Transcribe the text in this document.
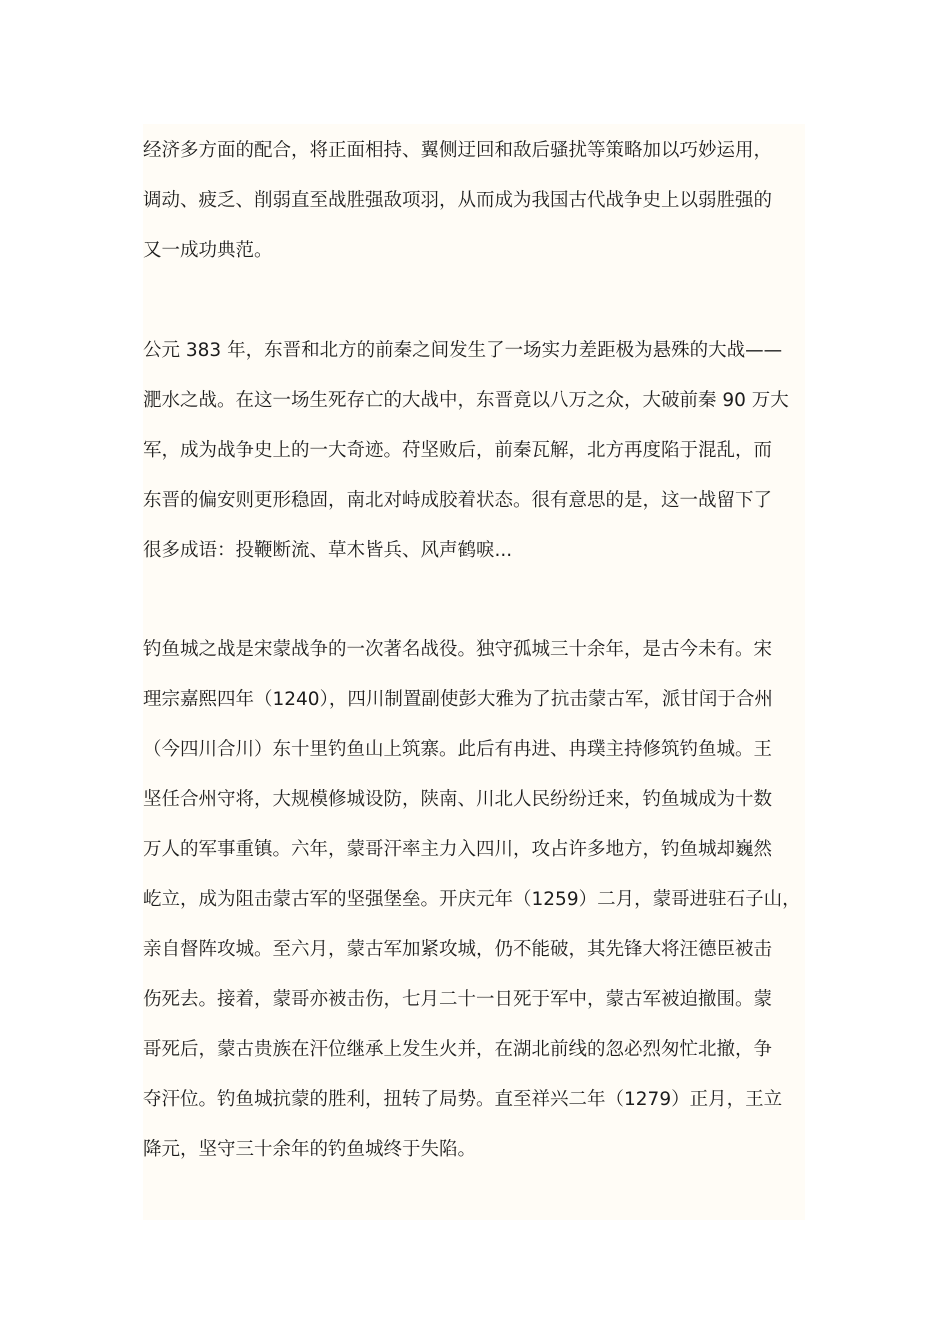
经济多方面的配合，将正面相持、翼侧迂回和敌后骚扰等策略加以巧妙运用，
调动、疲乏、削弱直至战胜强敌项羽，从而成为我国古代战争史上以弱胜强的
又一成功典范。
公元 383 年，东晋和北方的前秦之间发生了一场实力差距极为悬殊的大战——
淝水之战。在这一场生死存亡的大战中，东晋竟以八万之众，大破前秦 90 万大
军，成为战争史上的一大奇迹。苻坚败后，前秦瓦解，北方再度陷于混乱，而
东晋的偏安则更形稳固，南北对峙成胶着状态。很有意思的是，这一战留下了
很多成语：投鞭断流、草木皆兵、风声鹤唳...
钓鱼城之战是宋蒙战争的一次著名战役。独守孤城三十余年，是古今未有。宋
理宗嘉熙四年（1240），四川制置副使彭大雅为了抗击蒙古军，派甘闰于合州
（今四川合川）东十里钓鱼山上筑寨。此后有冉进、冉璞主持修筑钓鱼城。王
坚任合州守将，大规模修城设防，陕南、川北人民纷纷迁来，钓鱼城成为十数
万人的军事重镇。六年，蒙哥汗率主力入四川，攻占许多地方，钓鱼城却巍然
屹立，成为阻击蒙古军的坚强堡垒。开庆元年（1259）二月，蒙哥进驻石子山，
亲自督阵攻城。至六月，蒙古军加紧攻城，仍不能破，其先锋大将汪德臣被击
伤死去。接着，蒙哥亦被击伤，七月二十一日死于军中，蒙古军被迫撤围。蒙
哥死后，蒙古贵族在汗位继承上发生火并，在湖北前线的忽必烈匆忙北撤，争
夺汗位。钓鱼城抗蒙的胜利，扭转了局势。直至祥兴二年（1279）正月，王立
降元，坚守三十余年的钓鱼城终于失陷。
